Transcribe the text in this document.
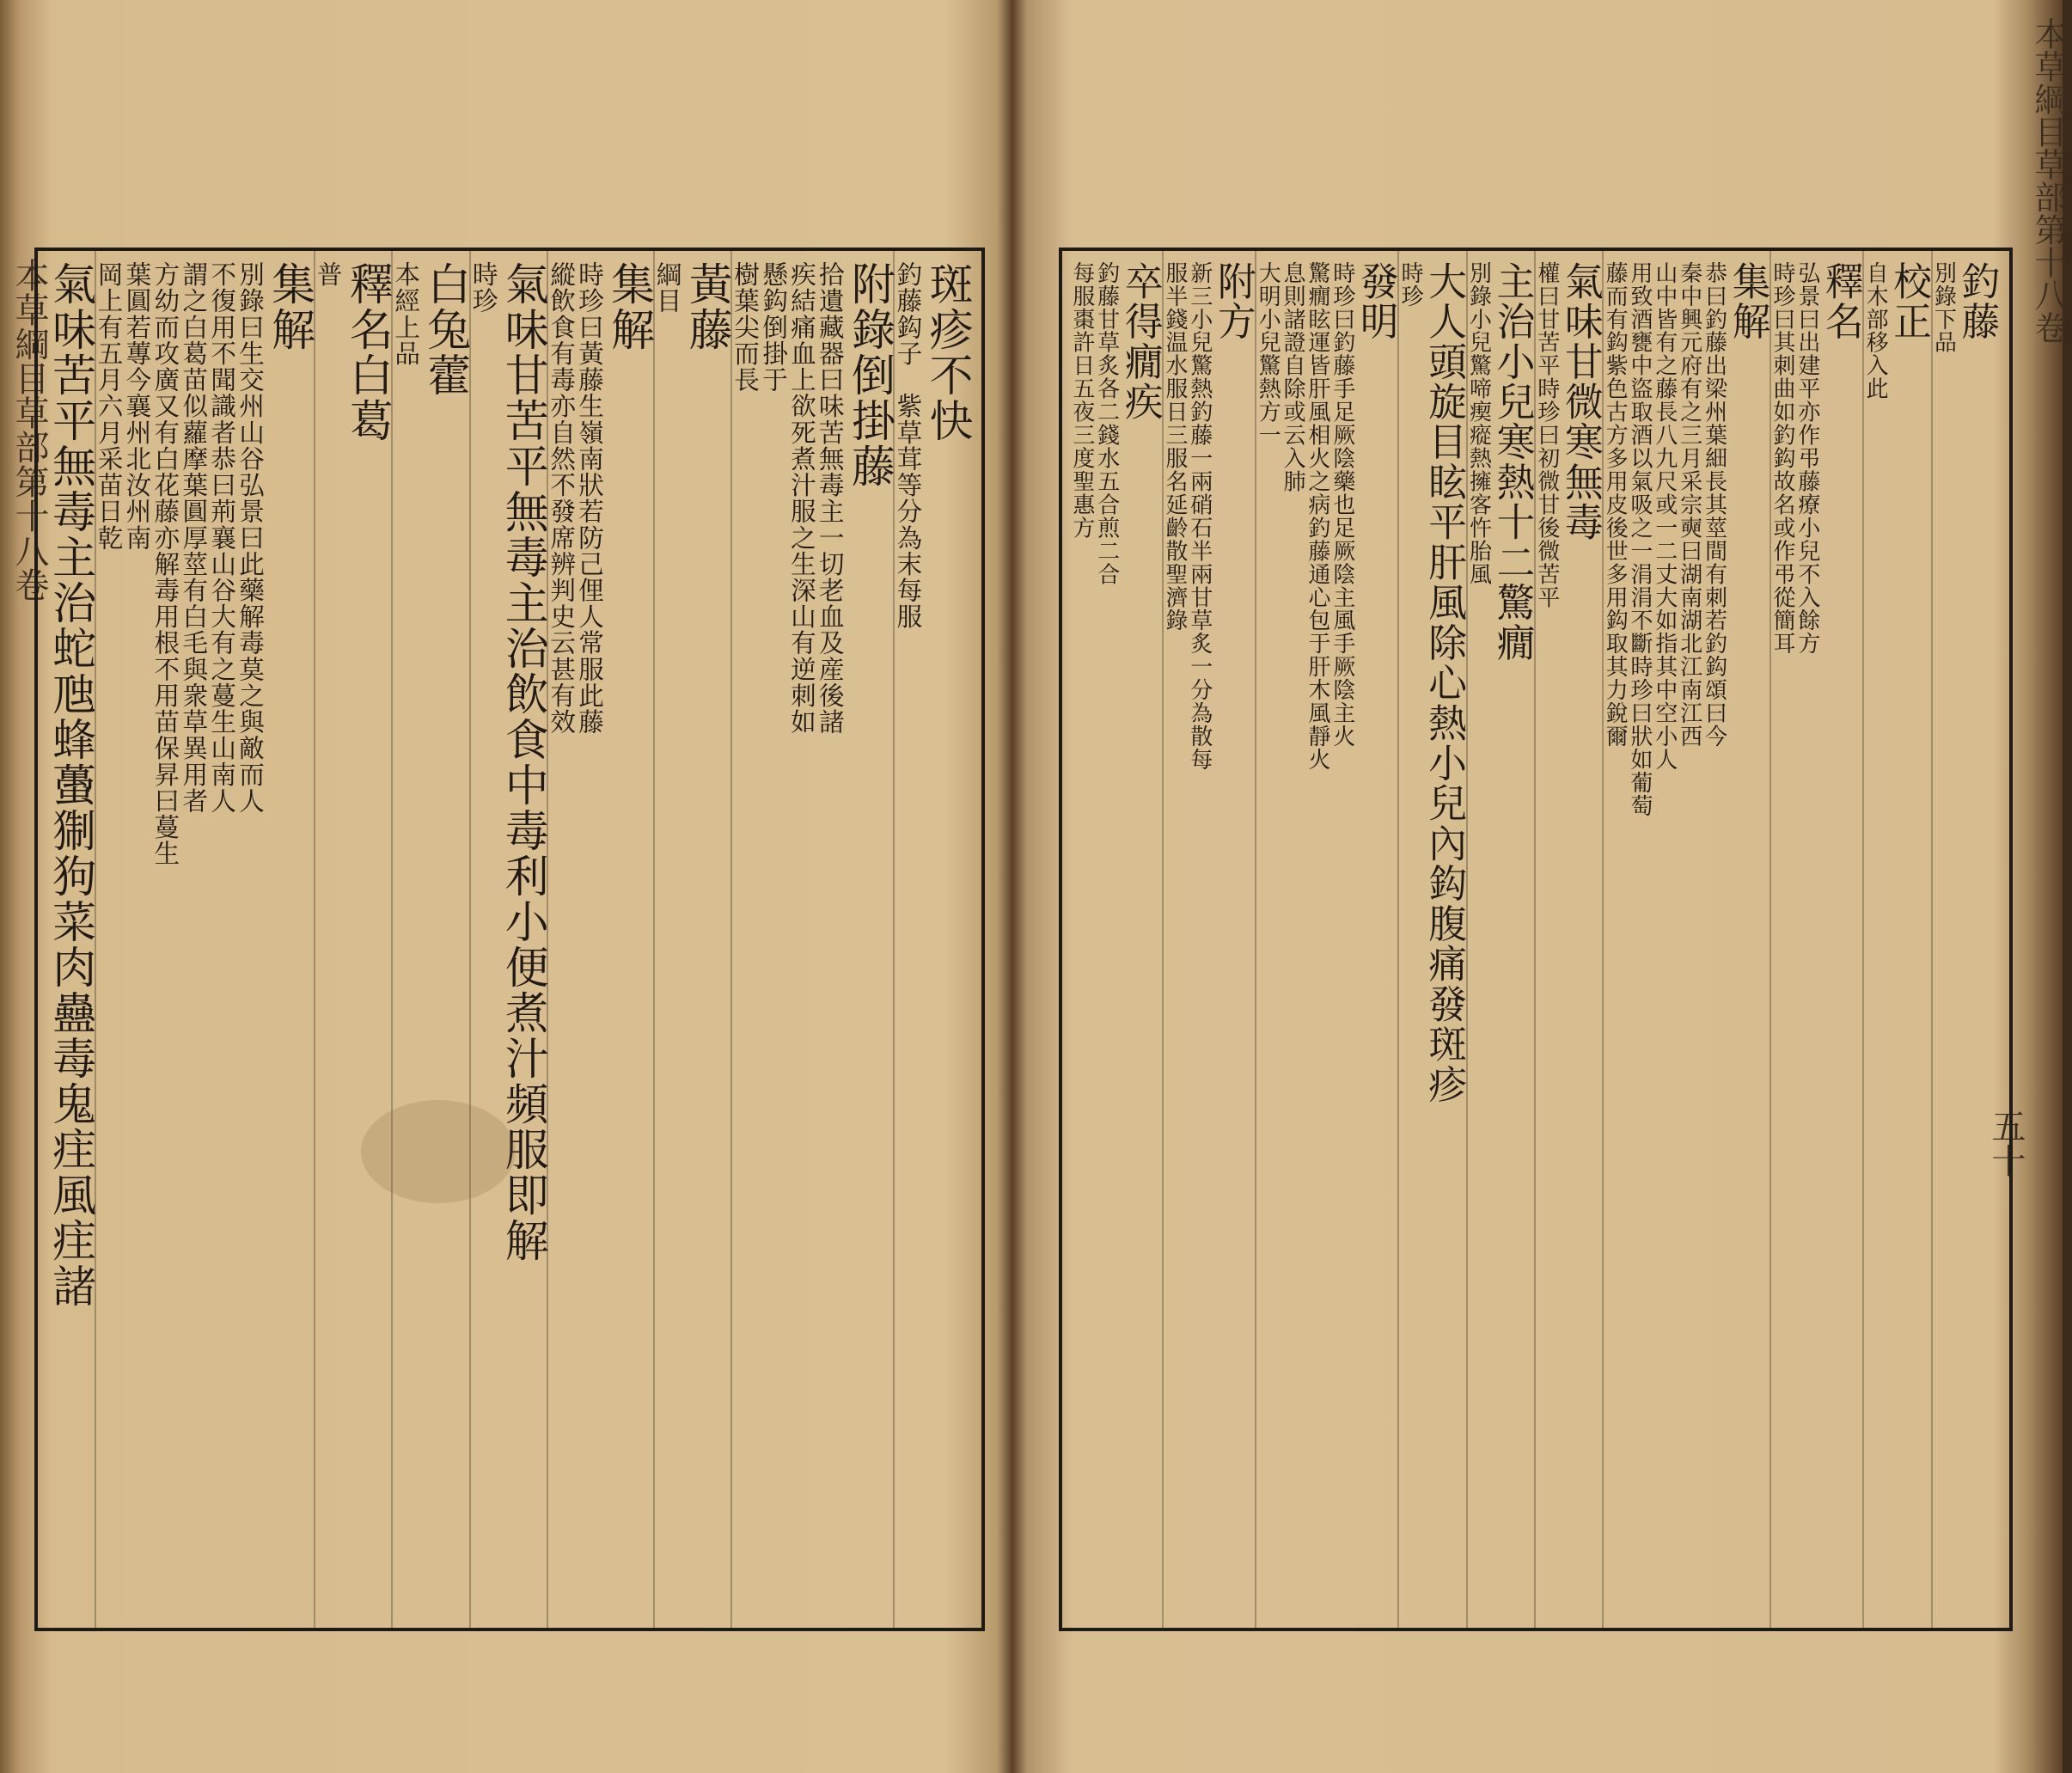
本草綱目草部第十八卷	斑疹不快
釣藤鈎子　紫草茸等分為末每服
附錄倒掛藤
拾遺藏器曰味苦無毒主一切老血及産後諸
疾結痛血上欲死煮汁服之生深山有逆刺如
懸鈎倒掛于
樹葉尖而長
黃藤
綱目
集解
時珍曰黃藤生嶺南狀若防己俚人常服此藤
縱飲食有毒亦自然不發席辨判史云甚有效
氣味甘苦平無毒主治飲食中毒利小便煮汁頻服即解
時珍
白兔藿
本經上品
釋名白葛
普
集解
別錄曰生交州山谷弘景曰此藥解毒莫之與敵而人
不復用不聞識者恭曰荊襄山谷大有之蔓生山南人
謂之白葛苗似蘿摩葉圓厚莖有白毛與衆草異用者
方幼而攻廣又有白花藤亦解毒用根不用苗保昇曰蔓生
葉圓若蓴今襄州北汝州南
岡上有五月六月采苗日乾
氣味苦平無毒主治蛇虺蜂蠆猘狗菜肉蠱毒鬼疰風疰諸
本草綱目草部第十八卷
五十
釣藤
別錄下品
校正
自木部移入此
釋名
弘景曰出建平亦作弔藤療小兒不入餘方
時珍曰其刺曲如釣鈎故名或作弔從簡耳
集解
恭曰釣藤出梁州葉細長其莖間有刺若釣鈎頌曰今
秦中興元府有之三月采宗奭曰湖南湖北江南江西
山中皆有之藤長八九尺或一二丈大如指其中空小人
用致酒甕中盜取酒以氣吸之一涓涓不斷時珍曰狀如葡萄
藤而有鈎紫色古方多用皮後世多用鈎取其力銳爾
氣味甘微寒無毒
權曰甘苦平時珍曰初微甘後微苦平
主治小兒寒熱十二驚癇
別錄小兒驚啼瘈瘲熱擁客忤胎風
大人頭旋目眩平肝風除心熱小兒內鈎腹痛發斑疹
時珍
發明
時珍曰釣藤手足厥陰藥也足厥陰主風手厥陰主火
驚癇眩運皆肝風相火之病釣藤通心包于肝木風靜火
息則諸證自除或云入肺
大明小兒驚熱方一
附方
新三小兒驚熱釣藤一兩硝石半兩甘草炙一分為散每
服半錢温水服日三服名延齡散聖濟錄
卒得癇疾
釣藤甘草炙各二錢水五合煎二合
每服棗許日五夜三度聖惠方
